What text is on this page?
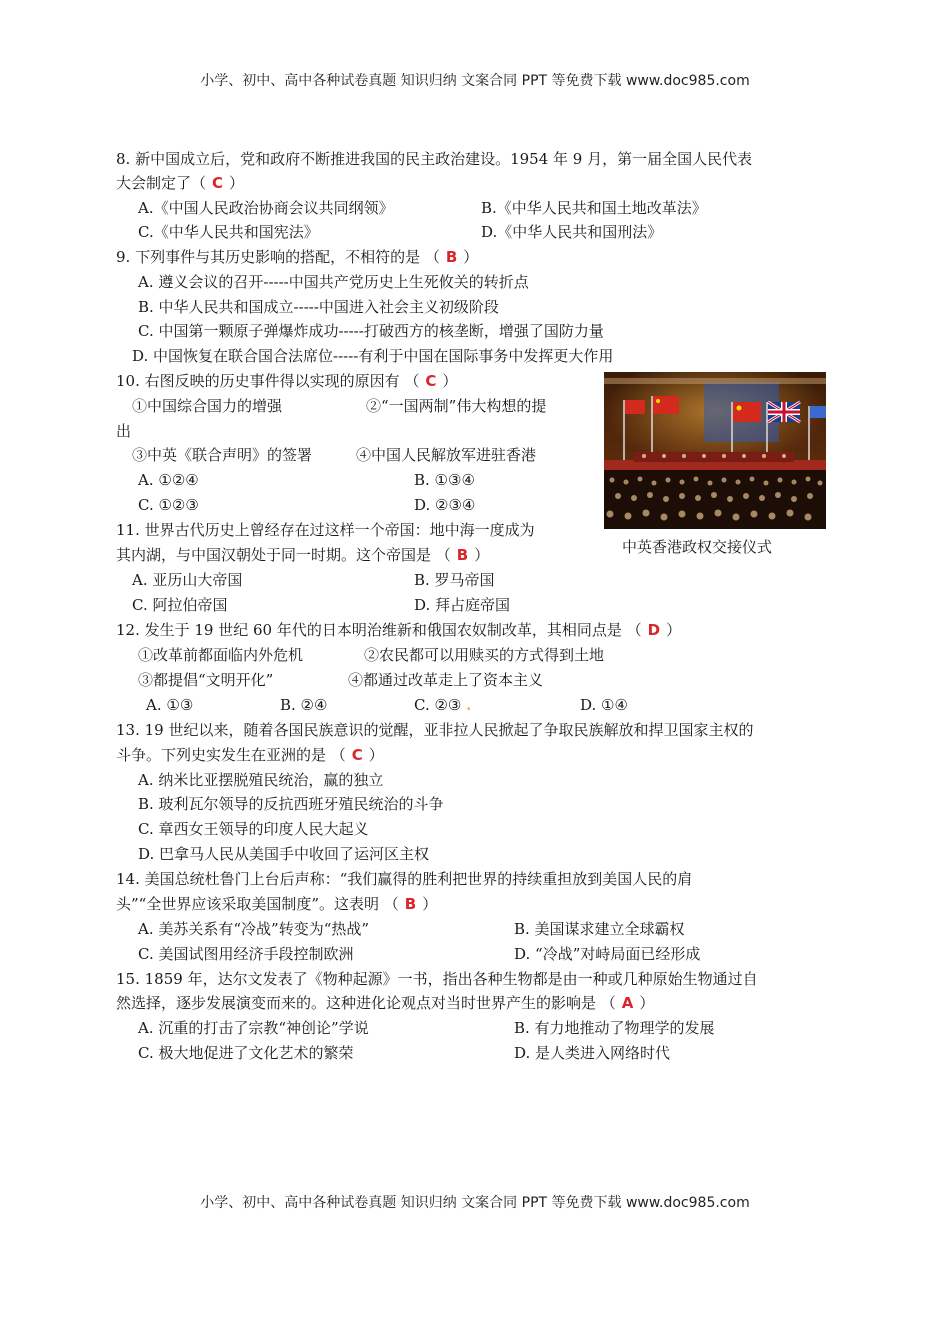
小学、初中、高中各种试卷真题 知识归纳 文案合同 PPT 等免费下载 www.doc985.com
8. 新中国成立后，党和政府不断推进我国的民主政治建设。1954 年 9 月，第一届全国人民代表
大会制定了（ C ）
A.《中国人民政治协商会议共同纲领》	B.《中华人民共和国土地改革法》
C.《中华人民共和国宪法》	D.《中华人民共和国刑法》
9. 下列事件与其历史影响的搭配，不相符的是 （ B ）
A. 遵义会议的召开-----中国共产党历史上生死攸关的转折点
B. 中华人民共和国成立-----中国进入社会主义初级阶段
C. 中国第一颗原子弹爆炸成功-----打破西方的核垄断，增强了国防力量
D. 中国恢复在联合国合法席位-----有利于中国在国际事务中发挥更大作用
10. 右图反映的历史事件得以实现的原因有 （ C ）
①中国综合国力的增强	②“一国两制”伟大构想的提
出
③中英《联合声明》的签署	④中国人民解放军进驻香港
A. ①②④	B. ①③④
C. ①②③	D. ②③④
中英香港政权交接仪式
11. 世界古代历史上曾经存在过这样一个帝国：地中海一度成为
其内湖，与中国汉朝处于同一时期。这个帝国是 （ B ）
A. 亚历山大帝国	B. 罗马帝国
C. 阿拉伯帝国	D. 拜占庭帝国
12. 发生于 19 世纪 60 年代的日本明治维新和俄国农奴制改革，其相同点是 （ D ）
①改革前都面临内外危机	②农民都可以用赎买的方式得到土地
③都提倡“文明开化”	④都通过改革走上了资本主义
A. ①③	B. ②④	C. ②③ .	D. ①④
13. 19 世纪以来，随着各国民族意识的觉醒，亚非拉人民掀起了争取民族解放和捍卫国家主权的
斗争。下列史实发生在亚洲的是 （ C ）
A. 纳米比亚摆脱殖民统治，赢的独立
B. 玻利瓦尔领导的反抗西班牙殖民统治的斗争
C. 章西女王领导的印度人民大起义
D. 巴拿马人民从美国手中收回了运河区主权
14. 美国总统杜鲁门上台后声称：“我们赢得的胜利把世界的持续重担放到美国人民的肩
头”“全世界应该采取美国制度”。这表明 （ B ）
A. 美苏关系有“冷战”转变为“热战”	B. 美国谋求建立全球霸权
C. 美国试图用经济手段控制欧洲	D. “冷战”对峙局面已经形成
15. 1859 年，达尔文发表了《物种起源》一书，指出各种生物都是由一种或几种原始生物通过自
然选择，逐步发展演变而来的。这种进化论观点对当时世界产生的影响是 （ A ）
A. 沉重的打击了宗教“神创论”学说	B. 有力地推动了物理学的发展
C. 极大地促进了文化艺术的繁荣	D. 是人类进入网络时代
小学、初中、高中各种试卷真题 知识归纳 文案合同 PPT 等免费下载 www.doc985.com
